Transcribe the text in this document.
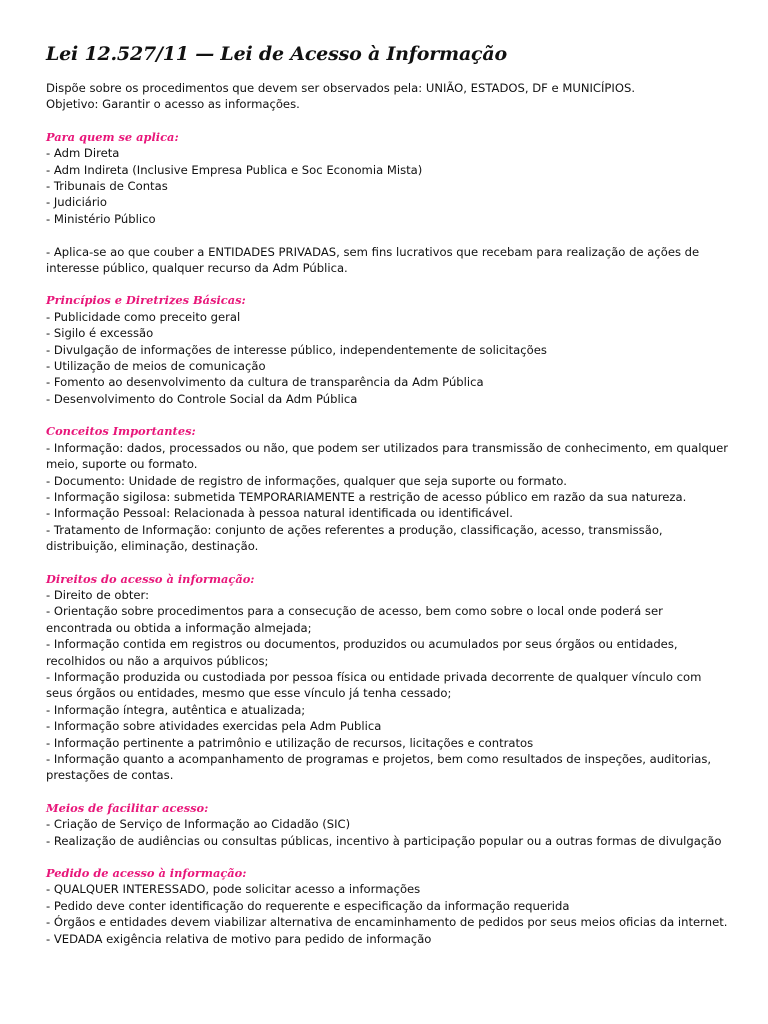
Lei 12.527/11 — Lei de Acesso à Informação

Dispõe sobre os procedimentos que devem ser observados pela: UNIÃO, ESTADOS, DF e MUNICÍPIOS.

Objetivo: Garantir o acesso as informações.

Para quem se aplica:
- Adm Direta
- Adm Indireta (Inclusive Empresa Publica e Soc Economia Mista)
- Tribunais de Contas
- Judiciário
- Ministério Público

- Aplica-se ao que couber a ENTIDADES PRIVADAS, sem fins lucrativos que recebam para realização de ações de

interesse público, qualquer recurso da Adm Pública.

Princípios e Diretrizes Básicas:
- Publicidade como preceito geral
- Sigilo é excessão
- Divulgação de informações de interesse público, independentemente de solicitações
- Utilização de meios de comunicação
- Fomento ao desenvolvimento da cultura de transparência da Adm Pública
- Desenvolvimento do Controle Social da Adm Pública
Conceitos Importantes:

- Informação: dados, processados ou não, que podem ser utilizados para transmissão de conhecimento, em qualquer

meio, suporte ou formato.

- Documento: Unidade de registro de informações, qualquer que seja suporte ou formato.

- Informação sigilosa: submetida TEMPORARIAMENTE a restrição de acesso público em razão da sua natureza.

- Informação Pessoal: Relacionada à pessoa natural identificada ou identificável.

- Tratamento de Informação: conjunto de ações referentes a produção, classificação, acesso, transmissão,

distribuição, eliminação, destinação.

Direitos do acesso à informação:

- Direito de obter:

- Orientação sobre procedimentos para a consecução de acesso, bem como sobre o local onde poderá ser

encontrada ou obtida a informação almejada;

- Informação contida em registros ou documentos, produzidos ou acumulados por seus órgãos ou entidades,

recolhidos ou não a arquivos públicos;

- Informação produzida ou custodiada por pessoa física ou entidade privada decorrente de qualquer vínculo com

seus órgãos ou entidades, mesmo que esse vínculo já tenha cessado;

- Informação íntegra, autêntica e atualizada;

- Informação sobre atividades exercidas pela Adm Publica

- Informação pertinente a patrimônio e utilização de recursos, licitações e contratos

- Informação quanto a acompanhamento de programas e projetos, bem como resultados de inspeções, auditorias,

prestações de contas.

Meios de facilitar acesso:

- Criação de Serviço de Informação ao Cidadão (SIC)

- Realização de audiências ou consultas públicas, incentivo à participação popular ou a outras formas de divulgação

Pedido de acesso à informação:

- QUALQUER INTERESSADO, pode solicitar acesso a informações

- Pedido deve conter identificação do requerente e especificação da informação requerida

- Órgãos e entidades devem viabilizar alternativa de encaminhamento de pedidos por seus meios oficias da internet.

- VEDADA exigência relativa de motivo para pedido de informação
